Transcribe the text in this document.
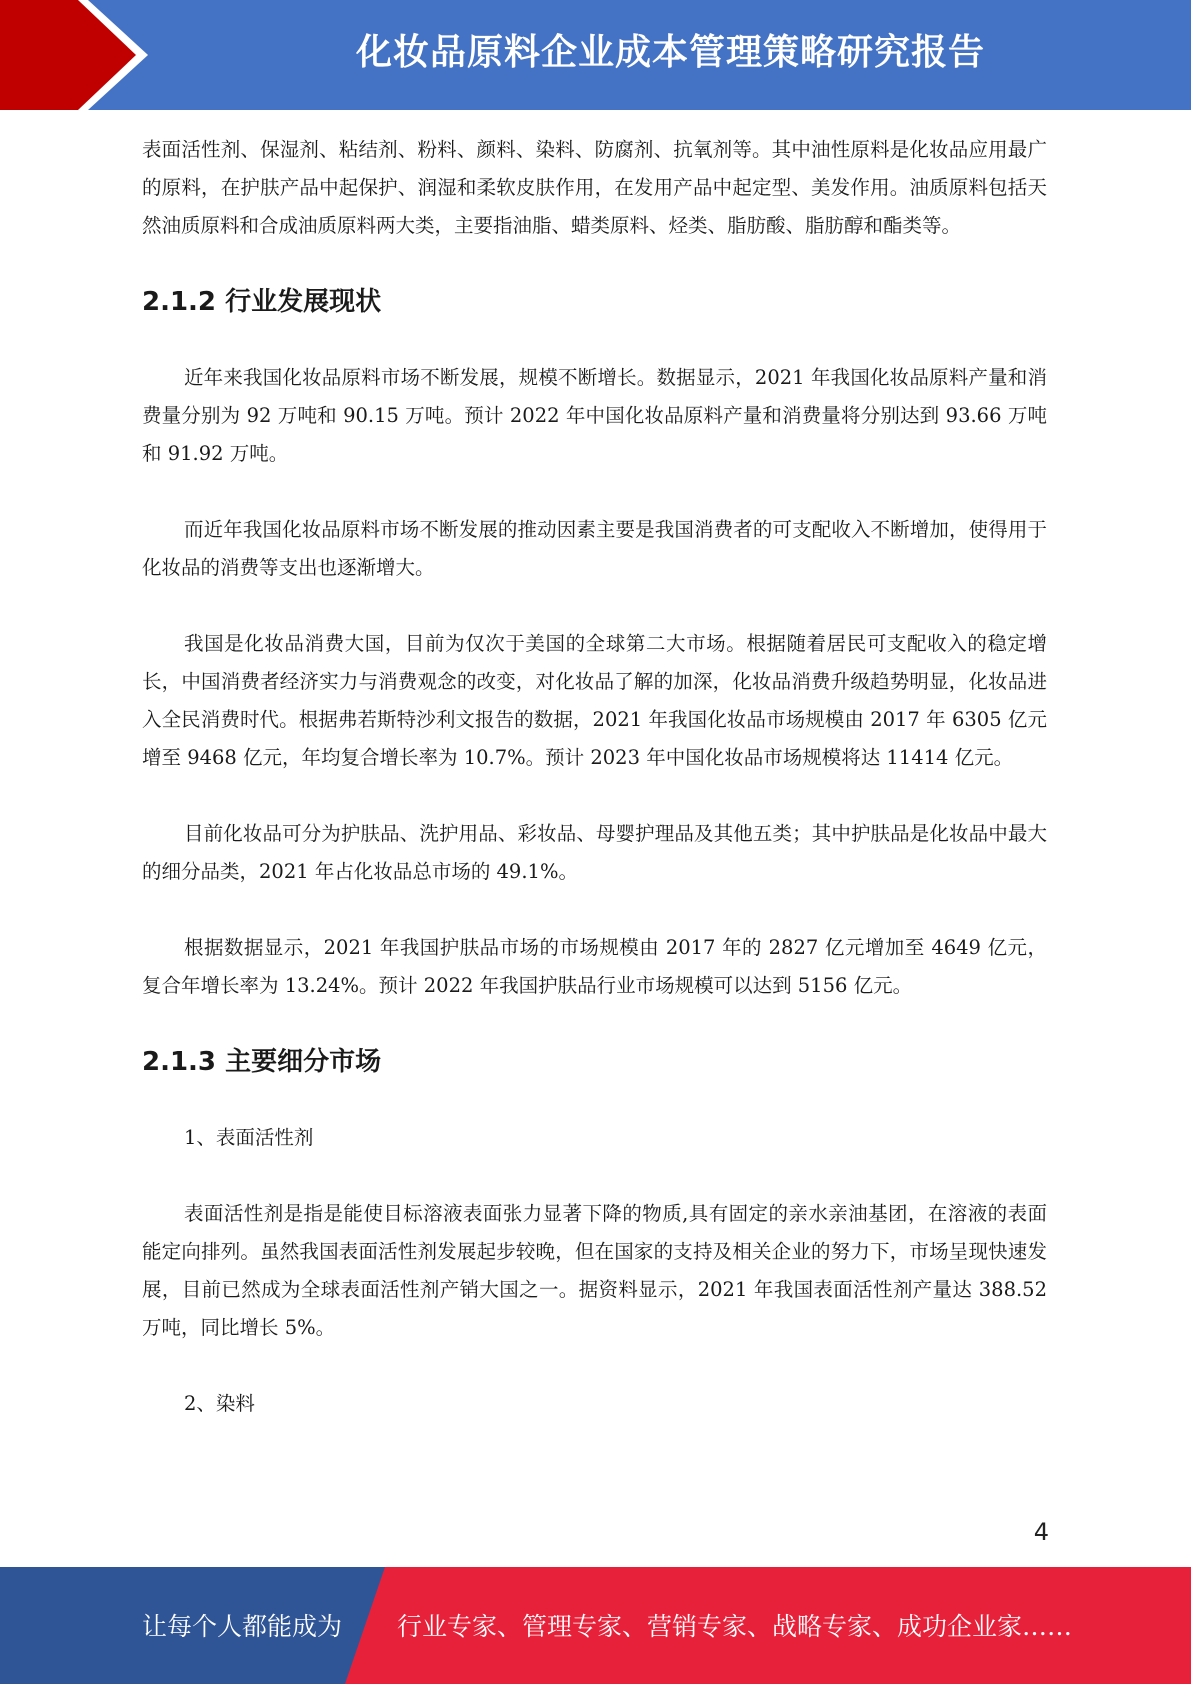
化妆品原料企业成本管理策略研究报告

表面活性剂、保湿剂、粘结剂、粉料、颜料、染料、防腐剂、抗氧剂等。其中油性原料是化妆品应用最广的原料，在护肤产品中起保护、润湿和柔软皮肤作用，在发用产品中起定型、美发作用。油质原料包括天然油质原料和合成油质原料两大类，主要指油脂、蜡类原料、烃类、脂肪酸、脂肪醇和酯类等。

2.1.2 行业发展现状

近年来我国化妆品原料市场不断发展，规模不断增长。数据显示，2021 年我国化妆品原料产量和消费量分别为 92 万吨和 90.15 万吨。预计 2022 年中国化妆品原料产量和消费量将分别达到 93.66 万吨和 91.92 万吨。

而近年我国化妆品原料市场不断发展的推动因素主要是我国消费者的可支配收入不断增加，使得用于化妆品的消费等支出也逐渐增大。

我国是化妆品消费大国，目前为仅次于美国的全球第二大市场。根据随着居民可支配收入的稳定增长，中国消费者经济实力与消费观念的改变，对化妆品了解的加深，化妆品消费升级趋势明显，化妆品进入全民消费时代。根据弗若斯特沙利文报告的数据，2021 年我国化妆品市场规模由 2017 年 6305 亿元增至 9468 亿元，年均复合增长率为 10.7%。预计 2023 年中国化妆品市场规模将达 11414 亿元。

目前化妆品可分为护肤品、洗护用品、彩妆品、母婴护理品及其他五类；其中护肤品是化妆品中最大的细分品类，2021 年占化妆品总市场的 49.1%。

根据数据显示，2021 年我国护肤品市场的市场规模由 2017 年的 2827 亿元增加至 4649 亿元，复合年增长率为 13.24%。预计 2022 年我国护肤品行业市场规模可以达到 5156 亿元。

2.1.3 主要细分市场

1、表面活性剂

表面活性剂是指是能使目标溶液表面张力显著下降的物质,具有固定的亲水亲油基团，在溶液的表面能定向排列。虽然我国表面活性剂发展起步较晚，但在国家的支持及相关企业的努力下，市场呈现快速发展，目前已然成为全球表面活性剂产销大国之一。据资料显示，2021 年我国表面活性剂产量达 388.52 万吨，同比增长 5%。

2、染料

4
让每个人都能成为 行业专家、管理专家、营销专家、战略专家、成功企业家……
